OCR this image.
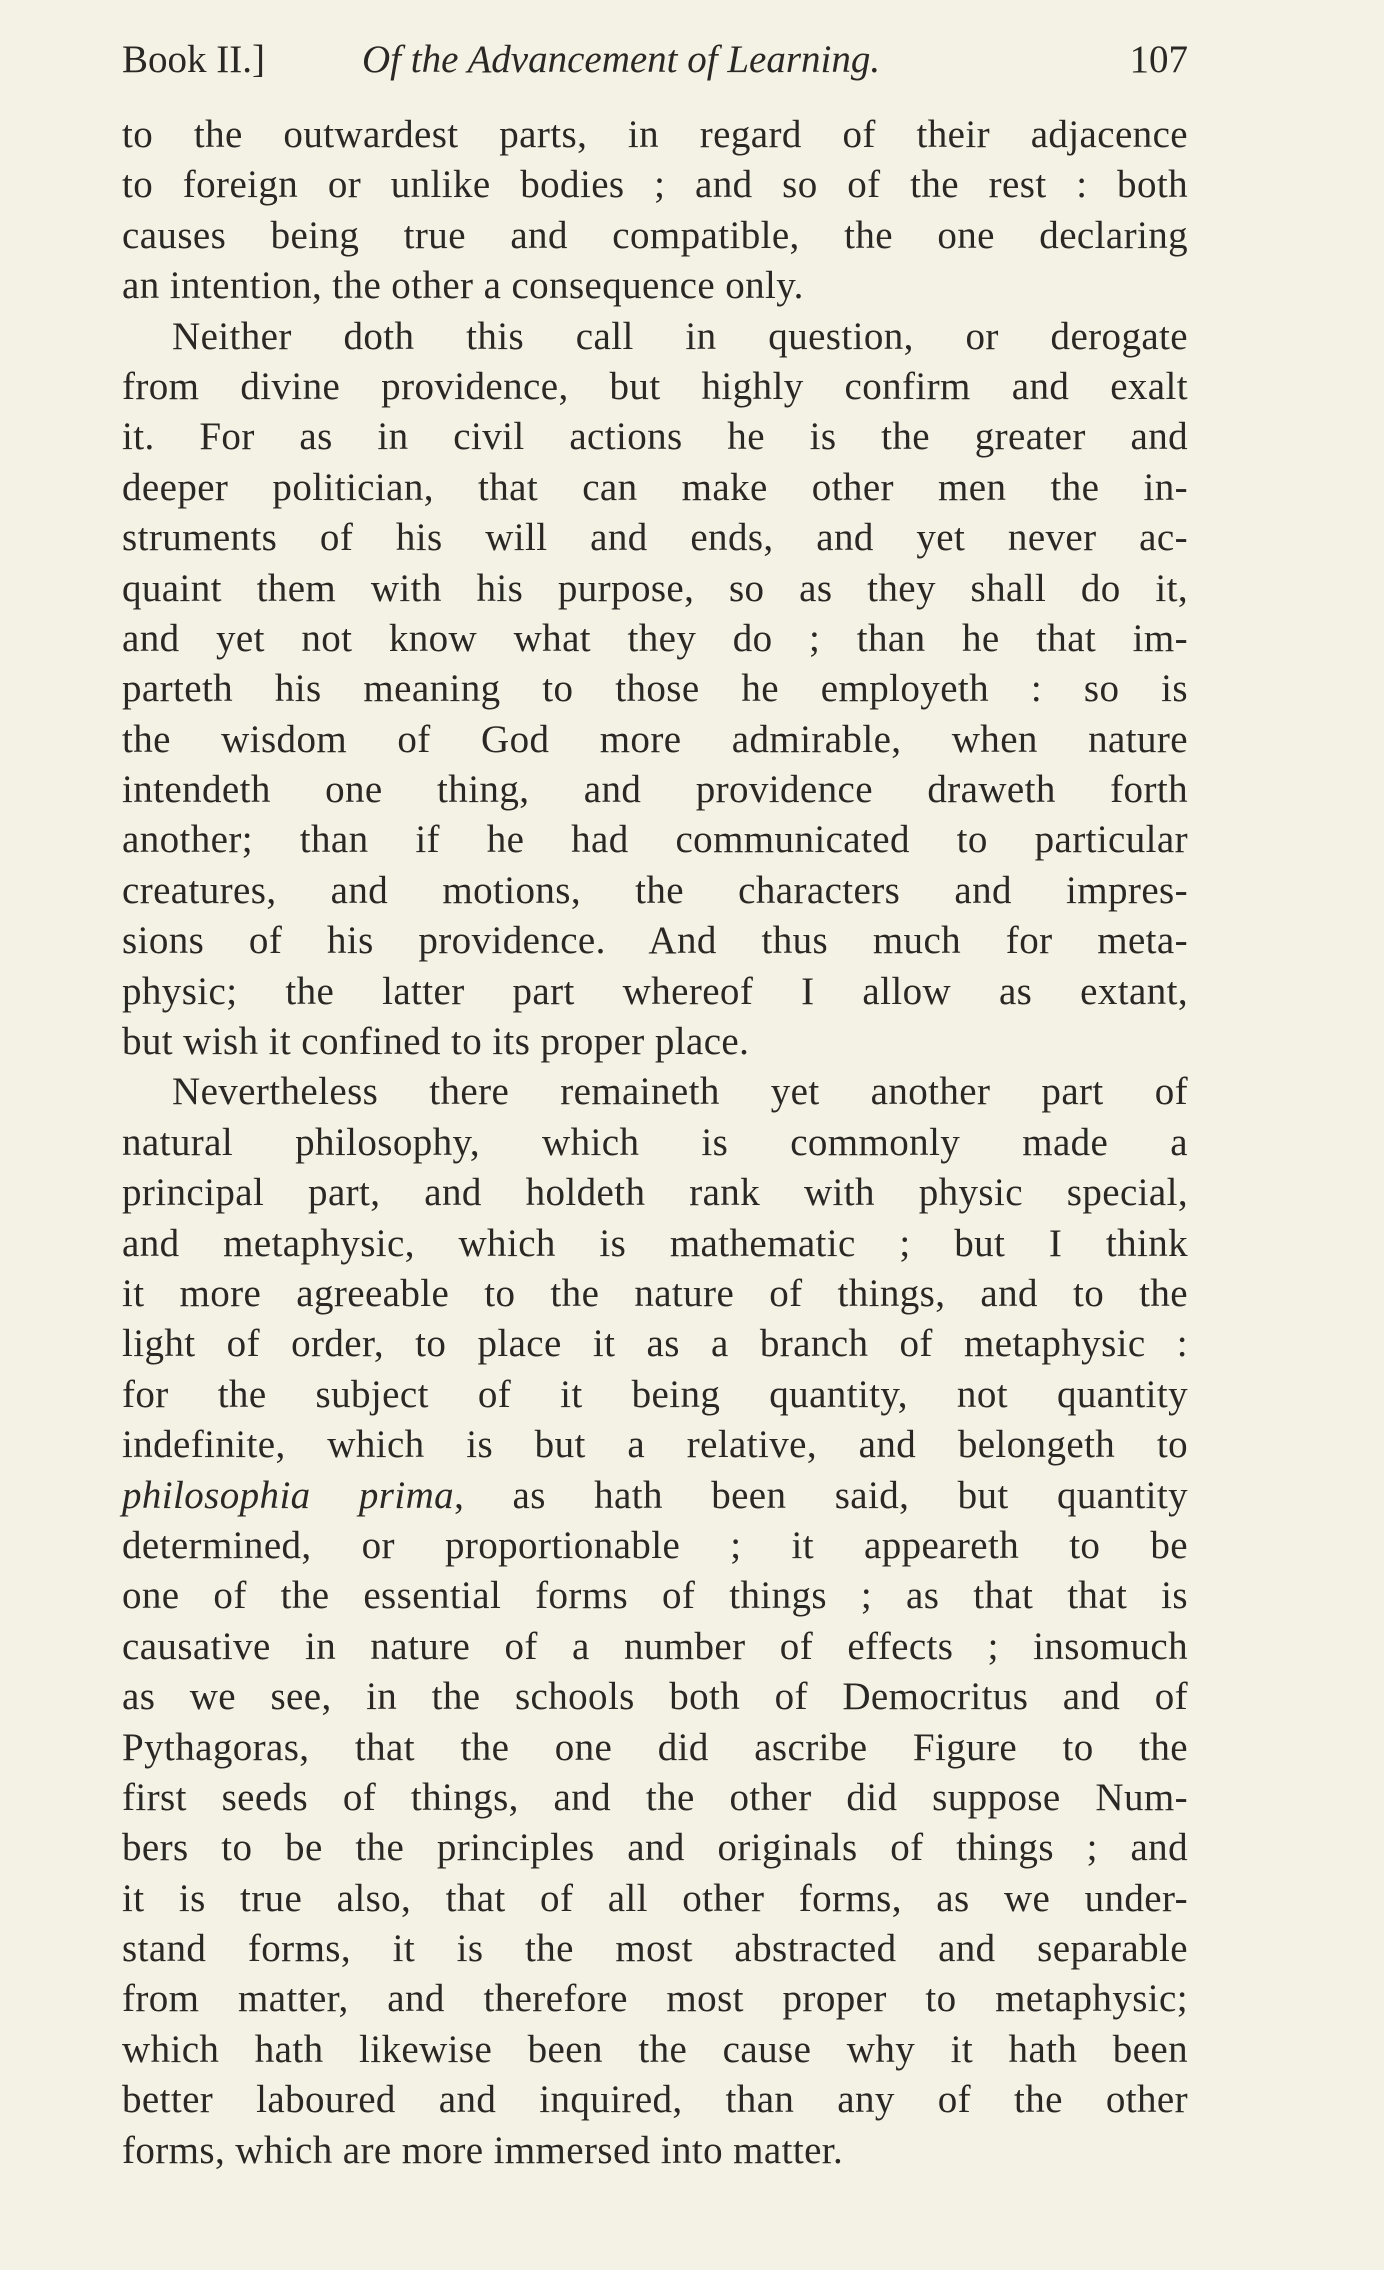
Book II.] Of the Advancement of Learning.	107
to the outwardest parts, in regard of their adjacence
to foreign or unlike bodies ; and so of the rest : both
causes being true and compatible, the one declaring
an intention, the other a consequence only.
Neither doth this call in question, or derogate
from divine providence, but highly confirm and exalt
it. For as in civil actions he is the greater and
deeper politician, that can make other men the in-
struments of his will and ends, and yet never ac-
quaint them with his purpose, so as they shall do it,
and yet not know what they do ; than he that im-
parteth his meaning to those he employeth : so is
the wisdom of God more admirable, when nature
intendeth one thing, and providence draweth forth
another; than if he had communicated to particular
creatures, and motions, the characters and impres-
sions of his providence. And thus much for meta-
physic; the latter part whereof I allow as extant,
but wish it confined to its proper place.
Nevertheless there remaineth yet another part of
natural philosophy, which is commonly made a
principal part, and holdeth rank with physic special,
and metaphysic, which is mathematic ; but I think
it more agreeable to the nature of things, and to the
light of order, to place it as a branch of metaphysic :
for the subject of it being quantity, not quantity
indefinite, which is but a relative, and belongeth to
philosophia prima, as hath been said, but quantity
determined, or proportionable ; it appeareth to be
one of the essential forms of things ; as that that is
causative in nature of a number of effects ; insomuch
as we see, in the schools both of Democritus and of
Pythagoras, that the one did ascribe Figure to the
first seeds of things, and the other did suppose Num-
bers to be the principles and originals of things ; and
it is true also, that of all other forms, as we under-
stand forms, it is the most abstracted and separable
from matter, and therefore most proper to metaphysic;
which hath likewise been the cause why it hath been
better laboured and inquired, than any of the other
forms, which are more immersed into matter.
